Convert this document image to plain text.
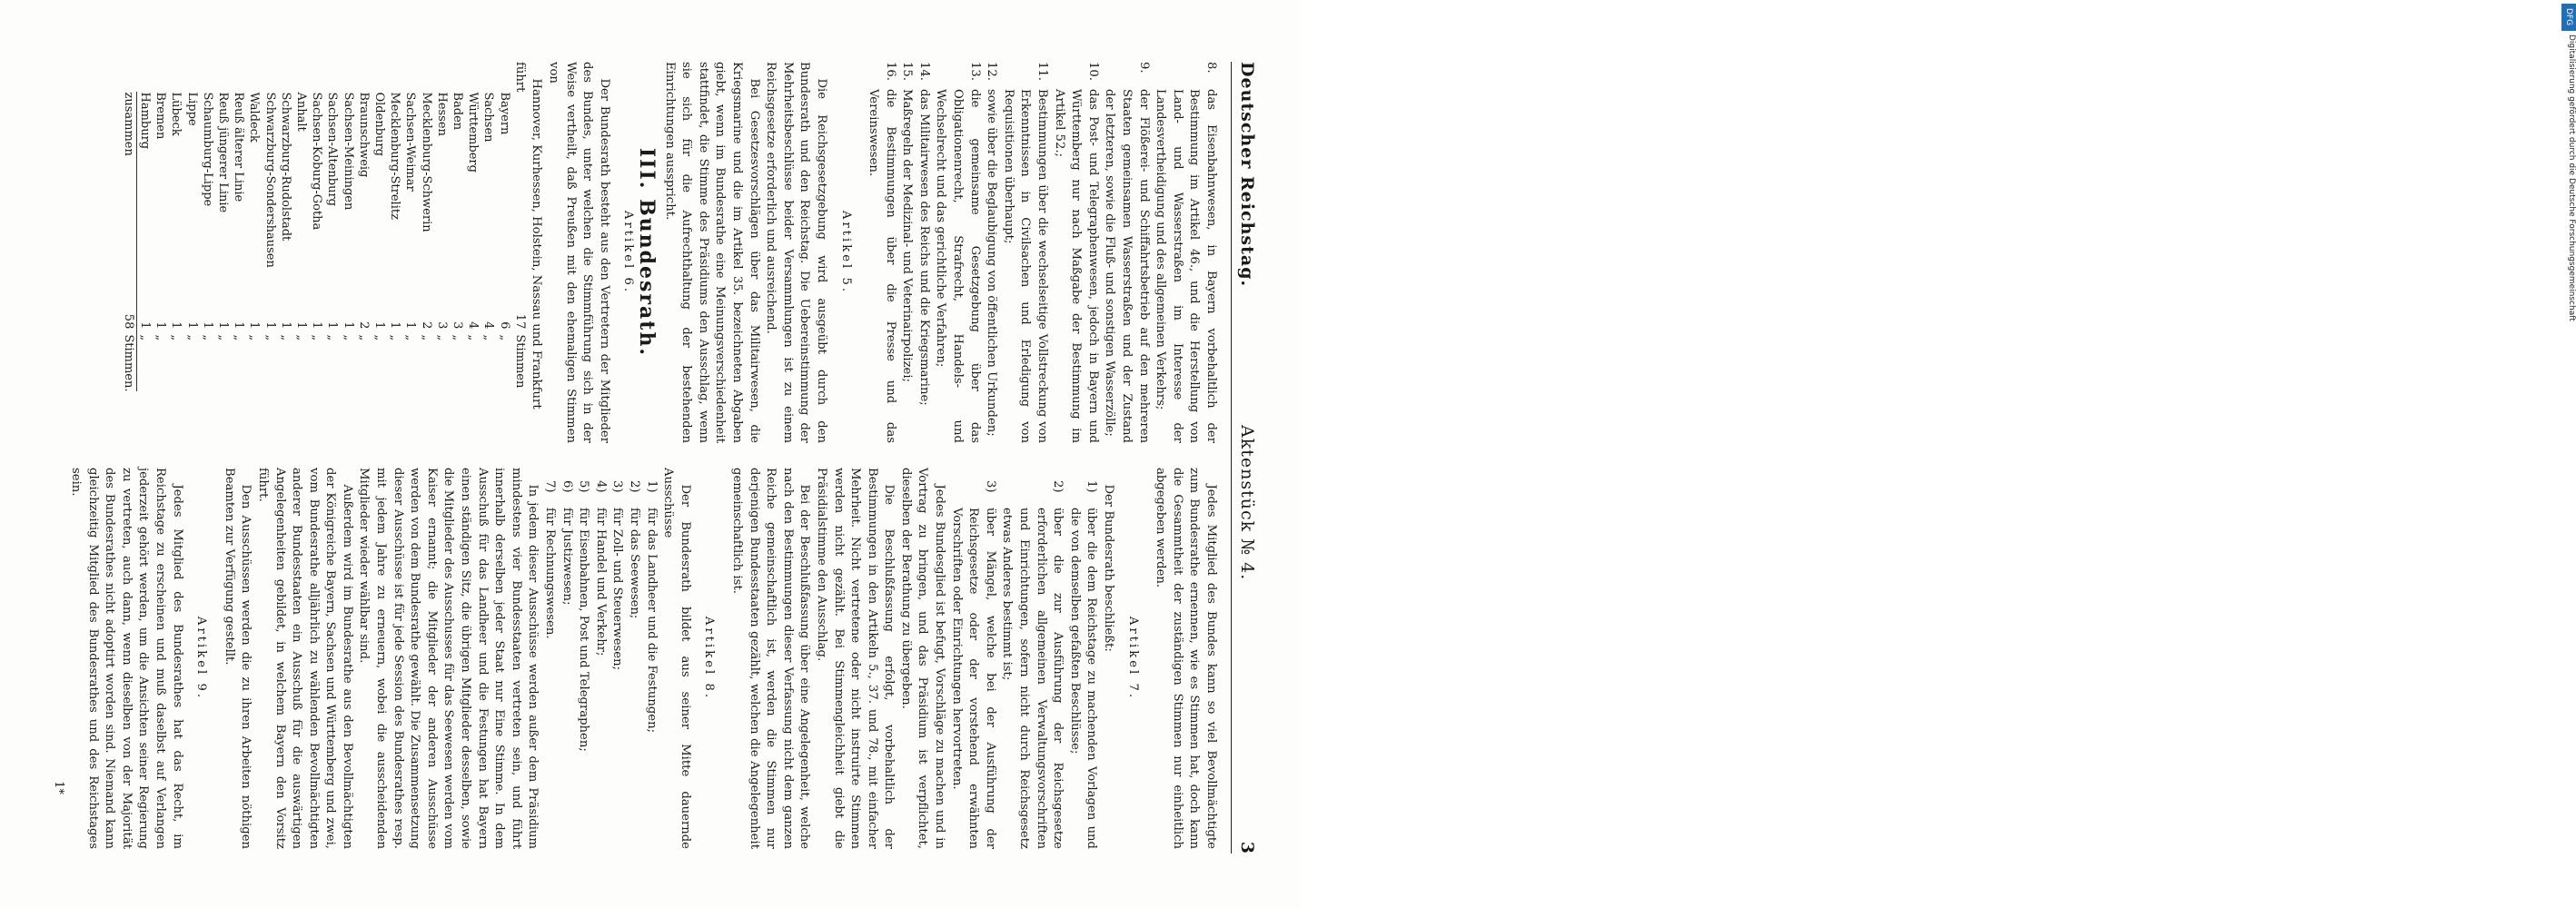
Deutscher Reichstag.
Aktenstück № 4.
3
8.
das Eisenbahnwesen, in Bayern vorbehaltlich der Bestimmung im Artikel 46., und die Herstellung von Land- und Wasserstraßen im Interesse der Landesvertheidigung und des allgemeinen Verkehrs;
9.
der Flößerei- und Schiffahrtsbetrieb auf den mehreren Staaten gemeinsamen Wasserstraßen und der Zustand der letzteren, sowie die Fluß- und sonstigen Wasserzölle;
10.
das Post- und Telegraphenwesen, jedoch in Bayern und Württemberg nur nach Maßgabe der Bestimmung im Artikel 52.;
11.
Bestimmungen über die wechselseitige Vollstreckung von Erkenntnissen in Civilsachen und Erledigung von Requisitionen überhaupt;
12.
sowie über die Beglaubigung von öffentlichen Urkunden;
13.
die gemeinsame Gesetzgebung über das Obligationenrecht, Strafrecht, Handels- und Wechselrecht und das gerichtliche Verfahren;
14.
das Militairwesen des Reichs und die Kriegsmarine;
15.
Maßregeln der Medizinal- und Veterinairpolizei;
16.
die Bestimmungen über die Presse und das Vereinswesen.
Artikel 5.

Die Reichsgesetzgebung wird ausgeübt durch den Bundesrath und den Reichstag. Die Uebereinstimmung der Mehrheitsbeschlüsse beider Versammlungen ist zu einem Reichsgesetze erforderlich und ausreichend.

Bei Gesetzesvorschlägen über das Militairwesen, die Kriegsmarine und die im Artikel 35. bezeichneten Abgaben giebt, wenn im Bundesrathe eine Meinungsverschiedenheit stattfindet, die Stimme des Präsidiums den Ausschlag, wenn sie sich für die Aufrechthaltung der bestehenden Einrichtungen ausspricht.

III. Bundesrath.
Artikel 6.

Der Bundesrath besteht aus den Vertretern der Mitglieder des Bundes, unter welchen die Stimmführung sich in der Weise vertheilt, daß Preußen mit den ehemaligen Stimmen von

Hannover, Kurhessen, Holstein, Nassau und Frankfurt

führt
	17	Stimmen
Bayern	6	„
Sachsen	4	„
Württemberg	4	„
Baden	3	„
Hessen	3	„
Mecklenburg-Schwerin	2	„
Sachsen-Weimar	1	„
Mecklenburg-Strelitz	1	„
Oldenburg	1	„
Braunschweig	2	„
Sachsen-Meiningen	1	„
Sachsen-Altenburg	1	„
Sachsen-Koburg-Gotha	1	„
Anhalt	1	„
Schwarzburg-Rudolstadt	1	„
Schwarzburg-Sondershausen	1	„
Waldeck	1	„
Reuß älterer Linie	1	„
Reuß jüngerer Linie	1	„
Schaumburg-Lippe	1	„
Lippe	1	„
Lübeck	1	„
Bremen	1	„
Hamburg	1	„
zusammen	58	Stimmen.

Jedes Mitglied des Bundes kann so viel Bevollmächtigte zum Bundesrathe ernennen, wie es Stimmen hat, doch kann die Gesammtheit der zuständigen Stimmen nur einheitlich abgegeben werden.

Artikel 7.

Der Bundesrath beschließt:

1)
über die dem Reichstage zu machenden Vorlagen und die von demselben gefaßten Beschlüsse;
2)
über die zur Ausführung der Reichsgesetze erforderlichen allgemeinen Verwaltungsvorschriften und Einrichtungen, sofern nicht durch Reichsgesetz etwas Anderes bestimmt ist;
3)
über Mängel, welche bei der Ausführung der Reichsgesetze oder der vorstehend erwähnten Vorschriften oder Einrichtungen hervortreten.

Jedes Bundesglied ist befugt, Vorschläge zu machen und in Vortrag zu bringen, und das Präsidium ist verpflichtet, dieselben der Berathung zu übergeben.

Die Beschlußfassung erfolgt, vorbehaltlich der Bestimmungen in den Artikeln 5., 37. und 78., mit einfacher Mehrheit. Nicht vertretene oder nicht instruirte Stimmen werden nicht gezählt. Bei Stimmengleichheit giebt die Präsidialstimme den Ausschlag.

Bei der Beschlußfassung über eine Angelegenheit, welche nach den Bestimmungen dieser Verfassung nicht dem ganzen Reiche gemeinschaftlich ist, werden die Stimmen nur derjenigen Bundesstaaten gezählt, welchen die Angelegenheit gemeinschaftlich ist.

Artikel 8.

Der Bundesrath bildet aus seiner Mitte dauernde Ausschüsse

1)
für das Landheer und die Festungen;
2)
für das Seewesen;
3)
für Zoll- und Steuerwesen;
4)
für Handel und Verkehr;
5)
für Eisenbahnen, Post und Telegraphen;
6)
für Justizwesen;
7)
für Rechnungswesen.

In jedem dieser Ausschüsse werden außer dem Präsidium mindestens vier Bundesstaaten vertreten sein, und führt innerhalb derselben jeder Staat nur Eine Stimme. In dem Ausschuß für das Landheer und die Festungen hat Bayern einen ständigen Sitz, die übrigen Mitglieder desselben, sowie die Mitglieder des Ausschusses für das Seewesen werden vom Kaiser ernannt; die Mitglieder der anderen Ausschüsse werden von dem Bundesrathe gewählt. Die Zusammensetzung dieser Ausschüsse ist für jede Session des Bundesrathes resp. mit jedem Jahre zu erneuern, wobei die ausscheidenden Mitglieder wieder wählbar sind.

Außerdem wird im Bundesrathe aus den Bevollmächtigten der Königreiche Bayern, Sachsen und Württemberg und zwei, vom Bundesrathe alljährlich zu wählenden Bevollmächtigten anderer Bundesstaaten ein Ausschuß für die auswärtigen Angelegenheiten gebildet, in welchem Bayern den Vorsitz führt.

Den Ausschüssen werden die zu ihren Arbeiten nöthigen Beamten zur Verfügung gestellt.

Artikel 9.

Jedes Mitglied des Bundesrathes hat das Recht, im Reichstage zu erscheinen und muß daselbst auf Verlangen jederzeit gehört werden, um die Ansichten seiner Regierung zu vertreten, auch dann, wenn dieselben von der Majorität des Bundesrathes nicht adoptirt worden sind. Niemand kann gleichzeitig Mitglied des Bundesrathes und des Reichstages sein.

1*
DFG
Digitalisierung gefördert durch die Deutsche Forschungsgemeinschaft
